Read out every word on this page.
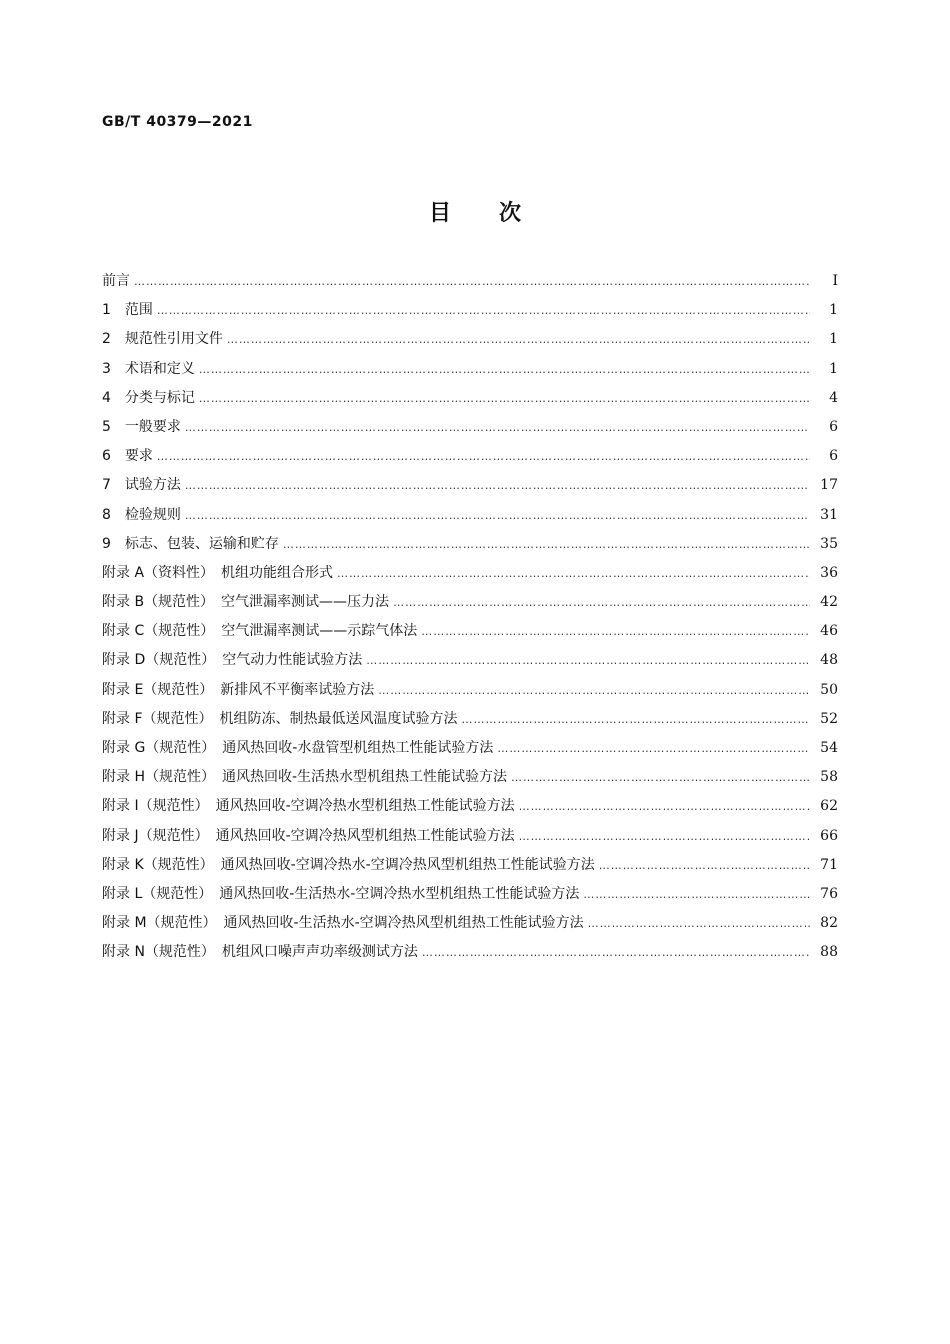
GB/T 40379—2021
目次
前言 …………………………………………………………………………………………………………………………………………………………………………………………………………………………………………	Ⅰ
1　范围 …………………………………………………………………………………………………………………………………………………………………………………………………………………………………………	1
2　规范性引用文件 …………………………………………………………………………………………………………………………………………………………………………………………………………………………………………	1
3　术语和定义 …………………………………………………………………………………………………………………………………………………………………………………………………………………………………………	1
4　分类与标记 …………………………………………………………………………………………………………………………………………………………………………………………………………………………………………	4
5　一般要求 …………………………………………………………………………………………………………………………………………………………………………………………………………………………………………	6
6　要求 …………………………………………………………………………………………………………………………………………………………………………………………………………………………………………	6
7　试验方法 …………………………………………………………………………………………………………………………………………………………………………………………………………………………………………	17
8　检验规则 …………………………………………………………………………………………………………………………………………………………………………………………………………………………………………	31
9　标志、包装、运输和贮存 …………………………………………………………………………………………………………………………………………………………………………………………………………………………………………	35
附录 A（资料性）　机组功能组合形式 …………………………………………………………………………………………………………………………………………………………………………………………………………………………………………	36
附录 B（规范性）　空气泄漏率测试——压力法 …………………………………………………………………………………………………………………………………………………………………………………………………………………………………………	42
附录 C（规范性）　空气泄漏率测试——示踪气体法 …………………………………………………………………………………………………………………………………………………………………………………………………………………………………………	46
附录 D（规范性）　空气动力性能试验方法 …………………………………………………………………………………………………………………………………………………………………………………………………………………………………………	48
附录 E（规范性）　新排风不平衡率试验方法 …………………………………………………………………………………………………………………………………………………………………………………………………………………………………………	50
附录 F（规范性）　机组防冻、制热最低送风温度试验方法 …………………………………………………………………………………………………………………………………………………………………………………………………………………………………………	52
附录 G（规范性）　通风热回收-水盘管型机组热工性能试验方法 …………………………………………………………………………………………………………………………………………………………………………………………………………………………………………	54
附录 H（规范性）　通风热回收-生活热水型机组热工性能试验方法 …………………………………………………………………………………………………………………………………………………………………………………………………………………………………………	58
附录 I（规范性）　通风热回收-空调冷热水型机组热工性能试验方法 …………………………………………………………………………………………………………………………………………………………………………………………………………………………………………	62
附录 J（规范性）　通风热回收-空调冷热风型机组热工性能试验方法 …………………………………………………………………………………………………………………………………………………………………………………………………………………………………………	66
附录 K（规范性）　通风热回收-空调冷热水-空调冷热风型机组热工性能试验方法 …………………………………………………………………………………………………………………………………………………………………………………………………………………………………………	71
附录 L（规范性）　通风热回收-生活热水-空调冷热水型机组热工性能试验方法 …………………………………………………………………………………………………………………………………………………………………………………………………………………………………………	76
附录 M（规范性）　通风热回收-生活热水-空调冷热风型机组热工性能试验方法 …………………………………………………………………………………………………………………………………………………………………………………………………………………………………………	82
附录 N（规范性）　机组风口噪声声功率级测试方法 …………………………………………………………………………………………………………………………………………………………………………………………………………………………………………	88
